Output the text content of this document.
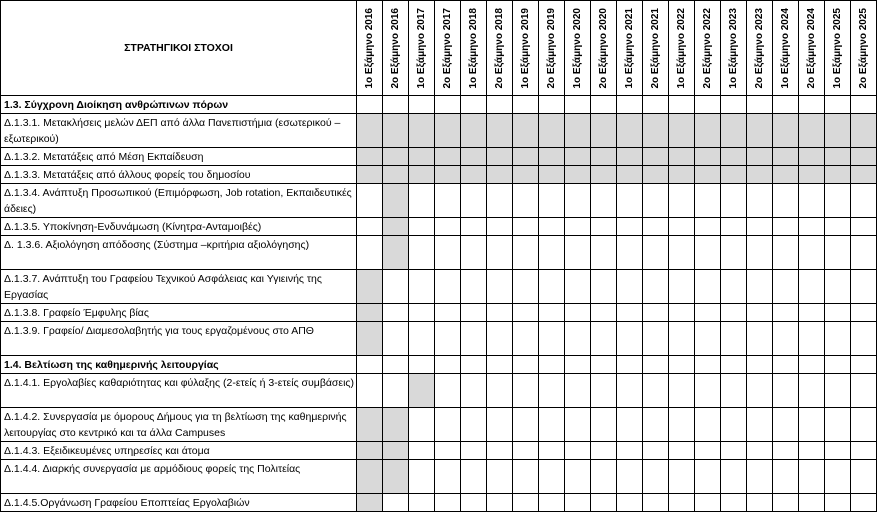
ΣΤΡΑΤΗΓΙΚΟΙ ΣΤΟΧΟΙ	1ο Εξάμηνο 2016	2ο Εξάμηνο 2016	1ο Εξάμηνο 2017	2ο Εξάμηνο 2017	1ο Εξάμηνο 2018	2ο Εξάμηνο 2018	1ο Εξάμηνο 2019	2ο Εξάμηνο 2019	1ο Εξάμηνο 2020	2ο Εξάμηνο 2020	1ο Εξάμηνο 2021	2ο Εξάμηνο 2021	1ο Εξάμηνο 2022	2ο Εξάμηνο 2022	1ο Εξάμηνο 2023	2ο Εξάμηνο 2023	1ο Εξάμηνο 2024	2ο Εξάμηνο 2024	1ο Εξάμηνο 2025	2ο Εξάμηνο 2025
1.3. Σύγχρονη Διοίκηση ανθρώπινων πόρων																				
Δ.1.3.1. Μετακλήσεις μελών ΔΕΠ από άλλα Πανεπιστήμια (εσωτερικού –εξωτερικού)																				
Δ.1.3.2. Μετατάξεις από Μέση Εκπαίδευση																				
Δ.1.3.3. Μετατάξεις από άλλους φορείς του δημοσίου																				
Δ.1.3.4. Ανάπτυξη Προσωπικού (Επιμόρφωση, Job rotation, Εκπαιδευτικές άδειες)																				
Δ.1.3.5. Υποκίνηση-Ενδυνάμωση (Κίνητρα-Ανταμοιβές)																				
Δ. 1.3.6. Αξιολόγηση απόδοσης (Σύστημα –κριτήρια αξιολόγησης)																				
Δ.1.3.7. Ανάπτυξη του Γραφείου Τεχνικού Ασφάλειας και Υγιεινής της Εργασίας																				
Δ.1.3.8. Γραφείο Έμφυλης βίας																				
Δ.1.3.9. Γραφείο/ Διαμεσολαβητής για τους εργαζομένους στο ΑΠΘ																				
1.4. Βελτίωση της καθημερινής λειτουργίας																				
Δ.1.4.1. Εργολαβίες καθαριότητας και φύλαξης (2-ετείς ή 3-ετείς συμβάσεις)																				
Δ.1.4.2. Συνεργασία με όμορους Δήμους για τη βελτίωση της καθημερινής λειτουργίας στο κεντρικό και τα άλλα Campuses																				
Δ.1.4.3. Εξειδικευμένες υπηρεσίες και άτομα																				
Δ.1.4.4. Διαρκής συνεργασία με αρμόδιους φορείς της Πολιτείας																				
Δ.1.4.5.Οργάνωση Γραφείου Εποπτείας Εργολαβιών																				
